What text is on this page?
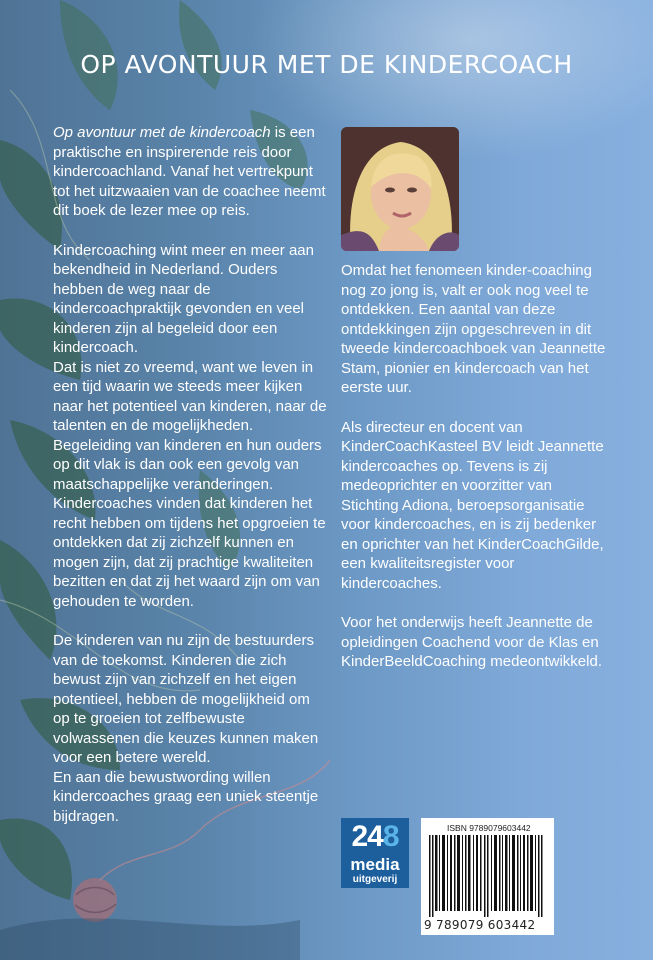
OP AVONTUUR MET DE KINDERCOACH

Op avontuur met de kindercoach is een praktische en inspirerende reis door kindercoachland. Vanaf het vertrekpunt tot het uitzwaaien van de coachee neemt dit boek de lezer mee op reis.

Kindercoaching wint meer en meer aan bekendheid in Nederland. Ouders hebben de weg naar de kindercoachpraktijk gevonden en veel kinderen zijn al begeleid door een kindercoach.

Dat is niet zo vreemd, want we leven in een tijd waarin we steeds meer kijken naar het potentieel van kinderen, naar de talenten en de mogelijkheden. Begeleiding van kinderen en hun ouders op dit vlak is dan ook een gevolg van maatschappelijke veranderingen. Kindercoaches vinden dat kinderen het recht hebben om tijdens het opgroeien te ontdekken dat zij zichzelf kunnen en mogen zijn, dat zij prachtige kwaliteiten bezitten en dat zij het waard zijn om van gehouden te worden.

De kinderen van nu zijn de bestuurders van de toekomst. Kinderen die zich bewust zijn van zichzelf en het eigen potentieel, hebben de mogelijkheid om op te groeien tot zelfbewuste volwassenen die keuzes kunnen maken voor een betere wereld.

En aan die bewustwording willen kindercoaches graag een uniek steentje bijdragen.

Omdat het fenomeen kinder-coaching nog zo jong is, valt er ook nog veel te ontdekken. Een aantal van deze ontdekkingen zijn opgeschreven in dit tweede kindercoachboek van Jeannette Stam, pionier en kindercoach van het eerste uur.

Als directeur en docent van KinderCoachKasteel BV leidt Jeannette kindercoaches op. Tevens is zij medeoprichter en voorzitter van Stichting Adiona, beroepsorganisatie voor kindercoaches, en is zij bedenker en oprichter van het KinderCoachGilde, een kwaliteitsregister voor kindercoaches.

Voor het onderwijs heeft Jeannette de opleidingen Coachend voor de Klas en KinderBeeldCoaching medeontwikkeld.

248
media
uitgeverij
ISBN 9789079603442
9 789079 603442
